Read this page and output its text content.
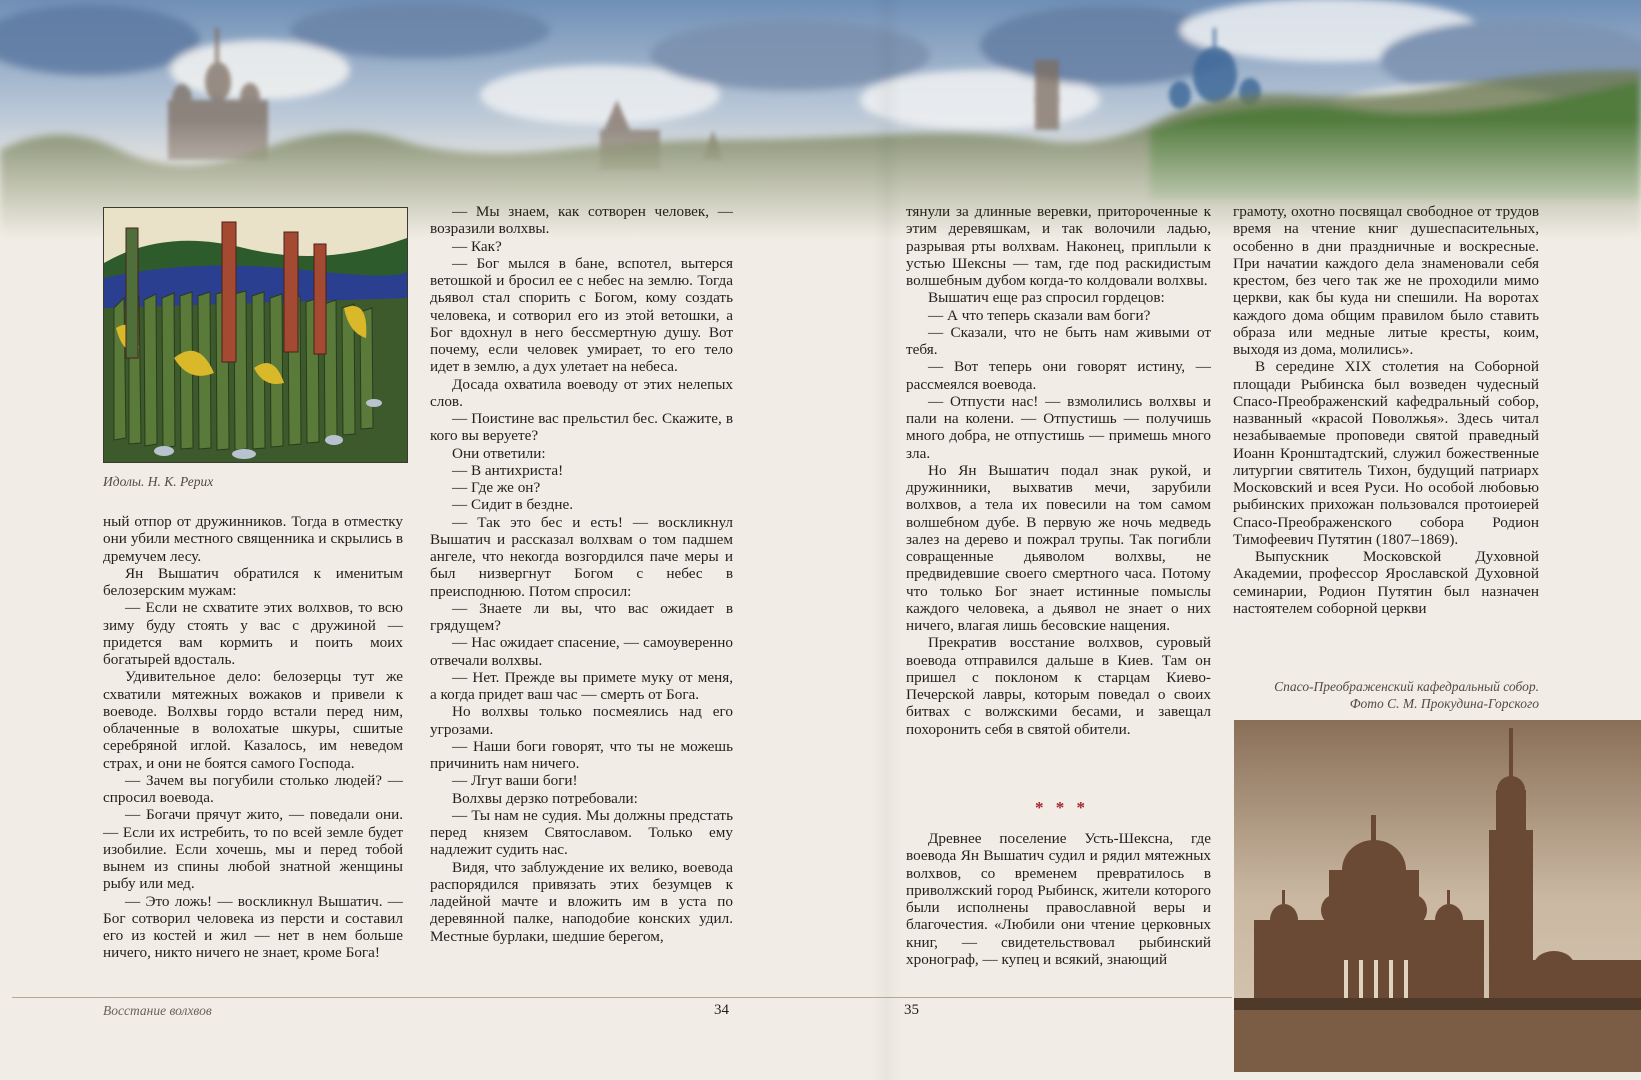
Идолы. Н. К. Рерих

ный отпор от дружинников. Тогда в отместку они убили местного священника и скрылись в дремучем лесу.

Ян Вышатич обратился к именитым белозерским мужам:

— Если не схватите этих волхвов, то всю зиму буду стоять у вас с дружиной — придется вам кормить и поить моих богатырей вдосталь.

Удивительное дело: белозерцы тут же схватили мятежных вожаков и привели к воеводе. Волхвы гордо встали перед ним, облаченные в волохатые шкуры, сшитые серебряной иглой. Казалось, им неведом страх, и они не боятся самого Господа.

— Зачем вы погубили столько людей? — спросил воевода.

— Богачи прячут жито, — поведали они. — Если их истребить, то по всей земле будет изобилие. Если хочешь, мы и перед тобой вынем из спины любой знатной женщины рыбу или мед.

— Это ложь! — воскликнул Вышатич. — Бог сотворил человека из персти и составил его из костей и жил — нет в нем больше ничего, никто ничего не знает, кроме Бога!

— Мы знаем, как сотворен человек, — возразили волхвы.

— Как?

— Бог мылся в бане, вспотел, вытерся ветошкой и бросил ее с небес на землю. Тогда дьявол стал спорить с Богом, кому создать человека, и сотворил его из этой ветошки, а Бог вдохнул в него бессмертную душу. Вот почему, если человек умирает, то его тело идет в землю, а дух улетает на небеса.

Досада охватила воеводу от этих нелепых слов.

— Поистине вас прельстил бес. Скажите, в кого вы веруете?

Они ответили:

— В антихриста!

— Где же он?

— Сидит в бездне.

— Так это бес и есть! — воскликнул Вышатич и рассказал волхвам о том падшем ангеле, что некогда возгордился паче меры и был низвергнут Богом с небес в преисподнюю. Потом спросил:

— Знаете ли вы, что вас ожидает в грядущем?

— Нас ожидает спасение, — самоуверенно отвечали волхвы.

— Нет. Прежде вы примете муку от меня, а когда придет ваш час — смерть от Бога.

Но волхвы только посмеялись над его угрозами.

— Наши боги говорят, что ты не можешь причинить нам ничего.

— Лгут ваши боги!

Волхвы дерзко потребовали:

— Ты нам не судия. Мы должны предстать перед князем Святославом. Только ему надлежит судить нас.

Видя, что заблуждение их велико, воевода распорядился привязать этих безумцев к ладейной мачте и вложить им в уста по деревянной палке, наподобие конских удил. Местные бурлаки, шедшие берегом,

тянули за длинные веревки, притороченные к этим деревяшкам, и так волочили ладью, разрывая рты волхвам. Наконец, приплыли к устью Шексны — там, где под раскидистым волшебным дубом когда-то колдовали волхвы.

Вышатич еще раз спросил гордецов:

— А что теперь сказали вам боги?

— Сказали, что не быть нам живыми от тебя.

— Вот теперь они говорят истину, — рассмеялся воевода.

— Отпусти нас! — взмолились волхвы и пали на колени. — Отпустишь — получишь много добра, не отпустишь — примешь много зла.

Но Ян Вышатич подал знак рукой, и дружинники, выхватив мечи, зарубили волхвов, а тела их повесили на том самом волшебном дубе. В первую же ночь медведь залез на дерево и пожрал трупы. Так погибли совращенные дьяволом волхвы, не предвидевшие своего смертного часа. Потому что только Бог знает истинные помыслы каждого человека, а дьявол не знает о них ничего, влагая лишь бесовские нащения.

Прекратив восстание волхвов, суровый воевода отправился дальше в Киев. Там он пришел с поклоном к старцам Киево-Печерской лавры, которым поведал о своих битвах с волжскими бесами, и завещал похоронить себя в святой обители.

* * *

Древнее поселение Усть-Шексна, где воевода Ян Вышатич судил и рядил мятежных волхвов, со временем превратилось в приволжский город Рыбинск, жители которого были исполнены православной веры и благочестия. «Любили они чтение церковных книг, — свидетельствовал рыбинский хронограф, — купец и всякий, знающий

грамоту, охотно посвящал свободное от трудов время на чтение книг душеспасительных, особенно в дни праздничные и воскресные. При начатии каждого дела знаменовали себя крестом, без чего так же не проходили мимо церкви, как бы куда ни спешили. На воротах каждого дома общим правилом было ставить образа или медные литые кресты, коим, выходя из дома, молились».

В середине XIX столетия на Соборной площади Рыбинска был возведен чудесный Спасо-Преображенский кафедральный собор, названный «красой Поволжья». Здесь читал незабываемые проповеди святой праведный Иоанн Кронштадтский, служил божественные литургии святитель Тихон, будущий патриарх Московский и всея Руси. Но особой любовью рыбинских прихожан пользовался протоиерей Спасо-Преображенского собора Родион Тимофеевич Путятин (1807–1869).

Выпускник Московской Духовной Академии, профессор Ярославской Духовной семинарии, Родион Путятин был назначен настоятелем соборной церкви

Спасо-Преображенский кафедральный собор.
Фото С. М. Прокудина-Горского
Восстание волхвов	34	35
